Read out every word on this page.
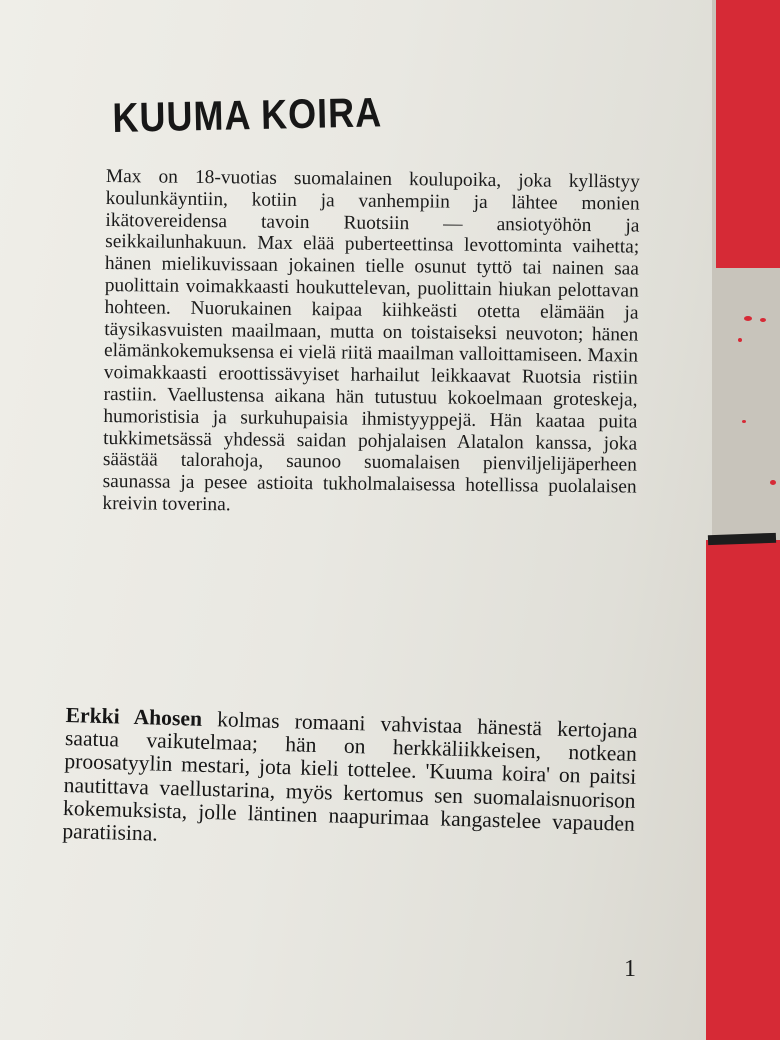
KUUMA KOIRA
Max on 18-vuotias suomalainen koulupoika, joka kyllästyy koulunkäyntiin, kotiin ja vanhempiin ja lähtee monien ikätovereidensa tavoin Ruotsiin — ansiotyöhön ja seikkailunhakuun. Max elää puberteettinsa levottominta vaihetta; hänen mielikuvissaan jokainen tielle osunut tyttö tai nainen saa puolittain voimakkaasti houkuttelevan, puolittain hiukan pelottavan hohteen. Nuorukainen kaipaa kiihkeästi otetta elämään ja täysikasvuisten maailmaan, mutta on toistaiseksi neuvoton; hänen elämänkokemuksensa ei vielä riitä maailman valloittamiseen. Maxin voimakkaasti eroottissävyiset harhailut leikkaavat Ruotsia ristiin rastiin. Vaellustensa aikana hän tutustuu kokoelmaan groteskeja, humoristisia ja surkuhupaisia ihmistyyppejä. Hän kaataa puita tukkimetsässä yhdessä saidan pohjalaisen Alatalon kanssa, joka säästää talorahoja, saunoo suomalaisen pienviljelijäperheen saunassa ja pesee astioita tukholmalaisessa hotellissa puolalaisen kreivin toverina.
Erkki Ahosen kolmas romaani vahvistaa hänestä kertojana saatua vaikutelmaa; hän on herkkäliikkeisen, notkean proosatyylin mestari, jota kieli tottelee. 'Kuuma koira' on paitsi nautittava vaellustarina, myös kertomus sen suomalaisnuorison kokemuksista, jolle läntinen naapurimaa kangastelee vapauden paratiisina.
1
